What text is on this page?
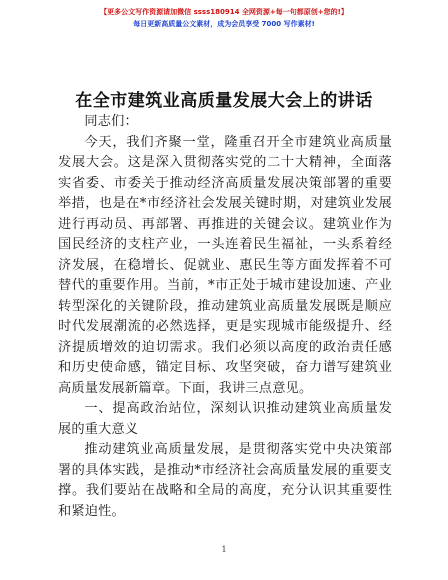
【更多公文写作资源请加微信 ssss180914 全网资源+每一句都原创+您的!】
每日更新高质量公文素材，成为会员享受 7000 写作素材!
在全市建筑业高质量发展大会上的讲话

同志们：

今天，我们齐聚一堂，隆重召开全市建筑业高质量发展大会。这是深入贯彻落实党的二十大精神，全面落实省委、市委关于推动经济高质量发展决策部署的重要举措，也是在*市经济社会发展关键时期，对建筑业发展进行再动员、再部署、再推进的关键会议。建筑业作为国民经济的支柱产业，一头连着民生福祉，一头系着经济发展，在稳增长、促就业、惠民生等方面发挥着不可替代的重要作用。当前，*市正处于城市建设加速、产业转型深化的关键阶段，推动建筑业高质量发展既是顺应时代发展潮流的必然选择，更是实现城市能级提升、经济提质增效的迫切需求。我们必须以高度的政治责任感和历史使命感，锚定目标、攻坚突破，奋力谱写建筑业高质量发展新篇章。下面，我讲三点意见。

一、提高政治站位，深刻认识推动建筑业高质量发展的重大意义

推动建筑业高质量发展，是贯彻落实党中央决策部署的具体实践，是推动*市经济社会高质量发展的重要支撑。我们要站在战略和全局的高度，充分认识其重要性和紧迫性。

1
